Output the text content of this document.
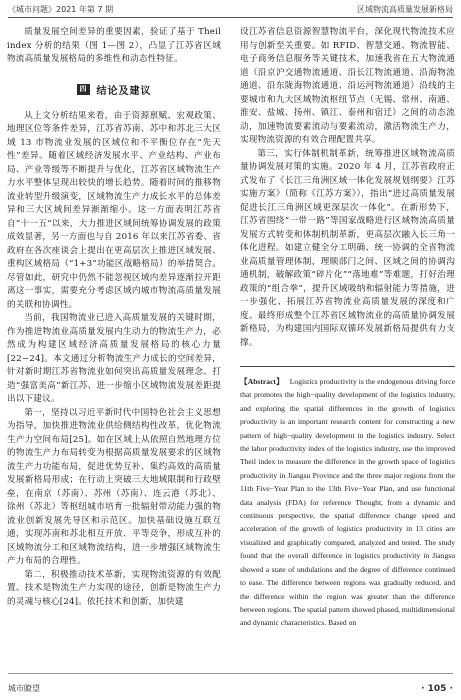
《城市问题》2021 年第 7 期	区域物流高质量发展新格局

质量发展空间差异的重要因素，验证了基于 Theil index 分析的结果（图 1—图 2），凸显了江苏省区域物流高质量发展格局的多维性和动态性特征。

四	结论及建议

从上文分析结果来看，由于资源禀赋、宏观政策、地理区位等条件差异，江苏省苏南、苏中和苏北三大区域 13 市物流业发展的区域位和不平衡位存在“先天性”差异。随着区域经济发展水平、产业结构、产业布局、产业等级等不断提升与优化，江苏省区域物流生产力水平整体呈现出较快的增长趋势。随着时间的推移物流业转型升级演变，区域物流生产力成长水平的总体差异和三大区域间差异渐渐缩小。这一方面表明江苏省自“十一五”以来，大力推进区域间统筹协调发展的政策成效显著，另一方面也与自 2016 年以来江苏省委、省政府在各次座谈会上提出在更高层次上推进区域发展、重构区域格局（“1+3”功能区战略格局）的举措契合。尽管如此，研究中仍然不能忽视区域内差异逐渐拉开距离这一事实，需要充分考虑区域内城市物流高质量发展的关联和协调性。

当前，我国物流业已进入高质量发展的关键时期，作为推进物流业高质量发展内生动力的物流生产力，必然成为构建区域经济高质量发展格局的核心力量[22−24]。本文通过分析物流生产力成长的空间差异，针对新时期江苏省物流业如何突出高质量发展理念、打造“强富美高”新江苏、进一步缩小区域物流发展差距提出以下建议。

第一，坚持以习近平新时代中国特色社会主义思想为指导，加快推进物流业供给侧结构性改革，优化物流生产力空间布局[25]。如在区域上从依照自然地理方位的物流生产力布局转变为根据高质量发展要求的区域物流生产力功能布局，促进优势互补、集约高效的高质量发展新格局形成；在行动上突破三大地域限制和行政壁垒，在南京（苏南）、苏州（苏南）、连云港（苏北）、徐州（苏北）等枢纽城市培育一批辐射带动能力强的物流业创新发展先导区和示范区。加快基础设施互联互通，实现苏南和苏北相互开放、平等竞争，形成互补的区域物流分工和区域物流结构，进一步增强区域物流生产力布局的合理性。

第二，积极推动技术革新，实现物流资源的有效配置。技术是物流生产力实现的途径，创新是物流生产力的灵魂与核心[24]。依托技术和创新，加快建

设江苏省信息资源智慧物流平台，深化现代物流技术应用与创新至关重要。如 RFID、智慧交通、物流智能、电子商务信息服务等关键技术，加速我省在五大物流通道（沿京沪交通物流通道、沿长江物流通道、沿海物流通道、沿东陇海物流通道、沿运河物流通道）沿线的主要城市和九大区域物流枢纽节点（无锡、常州、南通、淮安、盐城、扬州、镇江、泰州和宿迁）之间的动态流动，加速物流要素流动与要素流动，激活物流生产力，实现物流资源的有效合理配置共享。

第三，实行体制机制革新，统筹推进区域物流高质量协调发展对策的实施。2020 年 4 月，江苏省政府正式发布了《长江三角洲区域一体化发展规划纲要》江苏实施方案》（简称《江苏方案》），指出“进过高质量发展促进长江三角洲区域更深层次一体化”。在新形势下，江苏省围绕“一带一路”等国家战略进行区域物流高质量发展方式转变和体制机制革新，更高层次融入长三角一体化进程。如建立健全分工明确、统一协调的全省物流业高质量管理体制，理顺部门之间、区域之间的协调沟通机制，破解政策“碎片化”“落地难”等难题，打好治理政策的“组合拳”，提升区域吸纳和辐射能力等措施，进一步强化、拓展江苏省物流业高质量发展的深度和广度。最终形成整个江苏省区域物流业的高质量协调发展新格局，为构建国内国际双循环发展新格局提供有力支撑。

【Abstract】 Logistics productivity is the endogenous driving force that promotes the high−quality development of the logistics industry, and exploring the spatial differences in the growth of logistics productivity is an important research content for constructing a new pattern of high−quality development in the logistics industry. Select the labor productivity index of the logistics industry, use the improved Theil index to measure the difference in the growth space of logistics productivity in Jiangsu Province and the three major regions from the 11th Five−Year Plan to the 13th Five−Year Plan, and use functional data analysis (FDA) for reference Thought, from a dynamic and continuous perspective, the spatial difference change speed and acceleration of the growth of logistics productivity in 13 cities are visualized and graphically compared, analyzed and tested. The study found that the overall difference in logistics productivity in Jiangsu showed a state of undulations and the degree of difference continued to ease. The difference between regions was gradually reduced, and the difference within the region was greater than the difference between regions. The spatial pattern showed phased, multidimensional and dynamic characteristics. Based on

城市瞭望	· 105 ·
